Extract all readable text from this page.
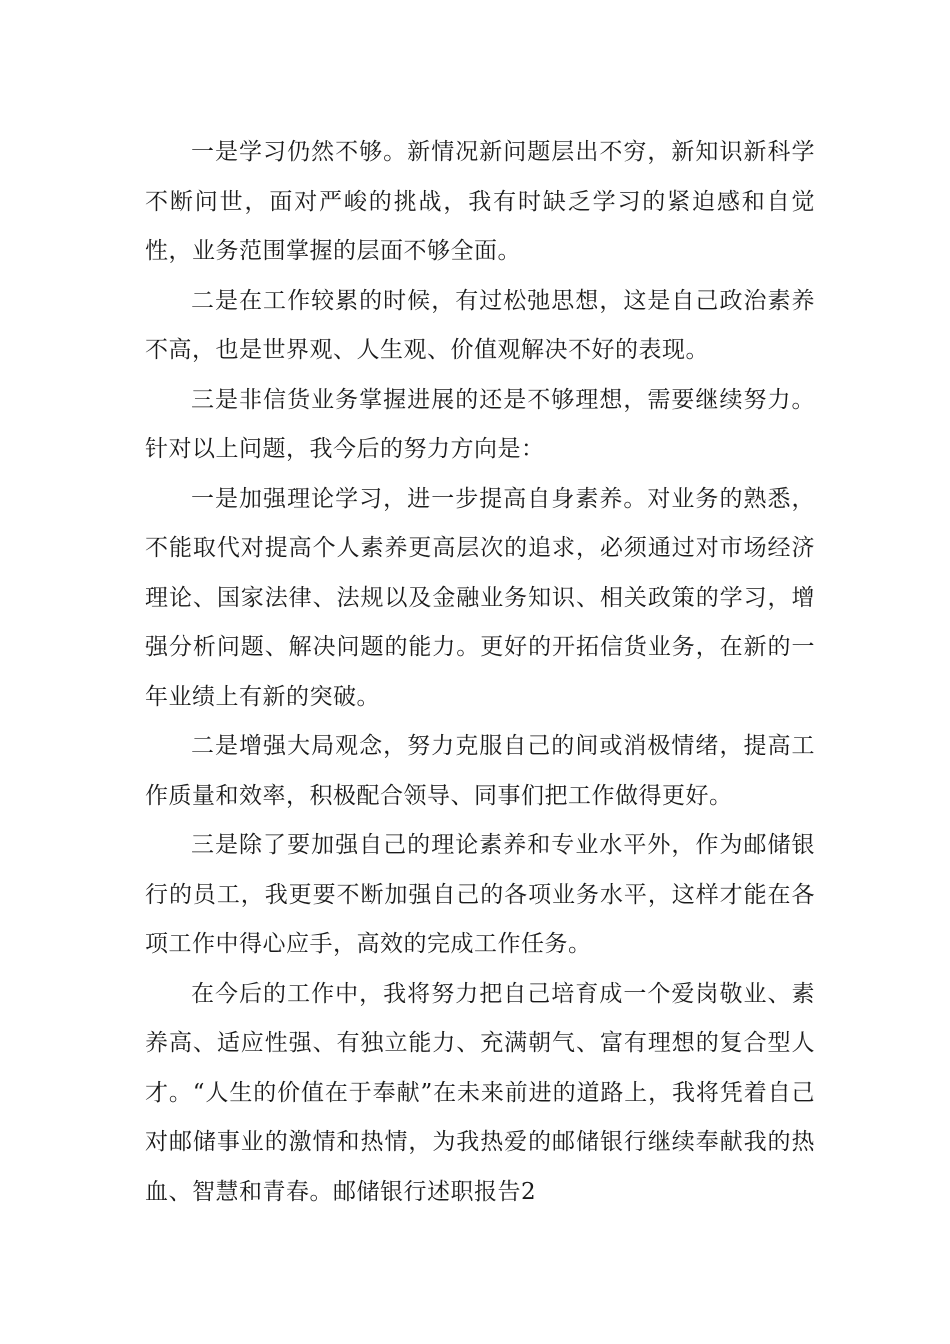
一是学习仍然不够。新情况新问题层出不穷，新知识新科学不断问世，面对严峻的挑战，我有时缺乏学习的紧迫感和自觉性，业务范围掌握的层面不够全面。

二是在工作较累的时候，有过松弛思想，这是自己政治素养不高，也是世界观、人生观、价值观解决不好的表现。

三是非信货业务掌握进展的还是不够理想，需要继续努力。 针对以上问题，我今后的努力方向是：

一是加强理论学习，进一步提高自身素养。对业务的熟悉，不能取代对提高个人素养更高层次的追求，必须通过对市场经济理论、国家法律、法规以及金融业务知识、相关政策的学习，增强分析问题、解决问题的能力。更好的开拓信货业务，在新的一年业绩上有新的突破。

二是增强大局观念，努力克服自己的间或消极情绪，提高工作质量和效率，积极配合领导、同事们把工作做得更好。

三是除了要加强自己的理论素养和专业水平外，作为邮储银行的员工，我更要不断加强自己的各项业务水平，这样才能在各项工作中得心应手，高效的完成工作任务。

在今后的工作中，我将努力把自己培育成一个爱岗敬业、素养高、适应性强、有独立能力、充满朝气、富有理想的复合型人才。“人生的价值在于奉献”在未来前进的道路上，我将凭着自己对邮储事业的激情和热情，为我热爱的邮储银行继续奉献我的热血、智慧和青春。邮储银行述职报告2
